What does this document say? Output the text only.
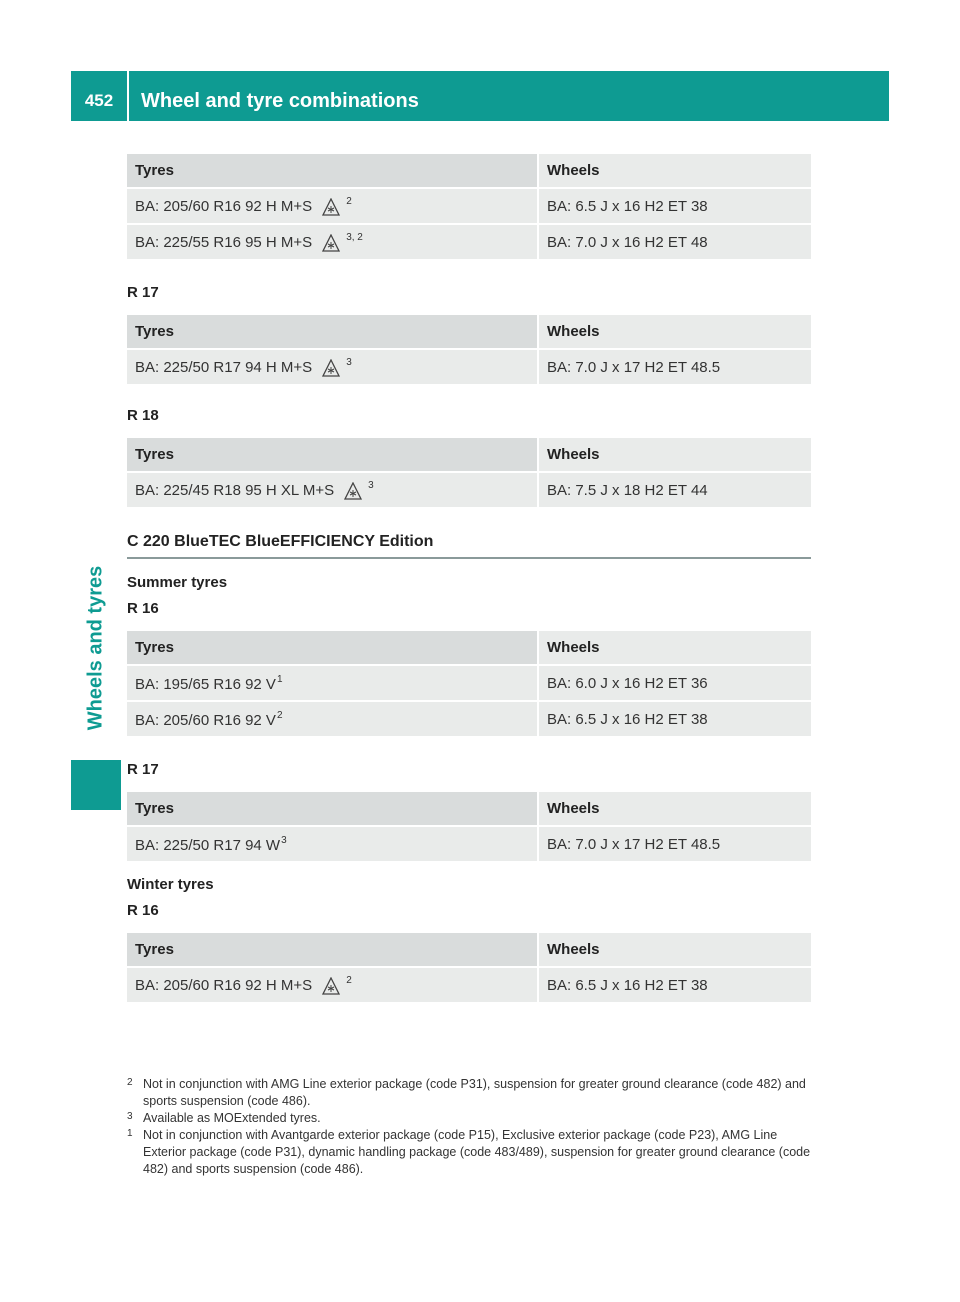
452	Wheel and tyre combinations
Wheels and tyres
Tyres	Wheels
BA: 205/60 R16 92 H M+S $^2$	BA: 6.5 J x 16 H2 ET 38
BA: 225/55 R16 95 H M+S $^{3, 2}$	BA: 7.0 J x 16 H2 ET 48
R 17
Tyres	Wheels
BA: 225/50 R17 94 H M+S $^3$	BA: 7.0 J x 17 H2 ET 48.5
R 18
Tyres	Wheels
BA: 225/45 R18 95 H XL M+S $^3$	BA: 7.5 J x 18 H2 ET 44
C 220 BlueTEC BlueEFFICIENCY Edition
Summer tyres
R 16
Tyres	Wheels
BA: 195/65 R16 92 $V^1$	BA: 6.0 J x 16 H2 ET 36
BA: 205/60 R16 92 $V^2$	BA: 6.5 J x 16 H2 ET 38
R 17
Tyres	Wheels
BA: 225/50 R17 94 $W^3$	BA: 7.0 J x 17 H2 ET 48.5
Winter tyres
R 16
Tyres	Wheels
BA: 205/60 R16 92 H M+S $^2$	BA: 6.5 J x 16 H2 ET 38
2 Not in conjunction with AMG Line exterior package (code P31), suspension for greater ground clearance (code 482) and sports suspension (code 486).
3 Available as MOExtended tyres.
1 Not in conjunction with Avantgarde exterior package (code P15), Exclusive exterior package (code P23), AMG Line Exterior package (code P31), dynamic handling package (code 483/489), suspension for greater ground clearance (code 482) and sports suspension (code 486).
